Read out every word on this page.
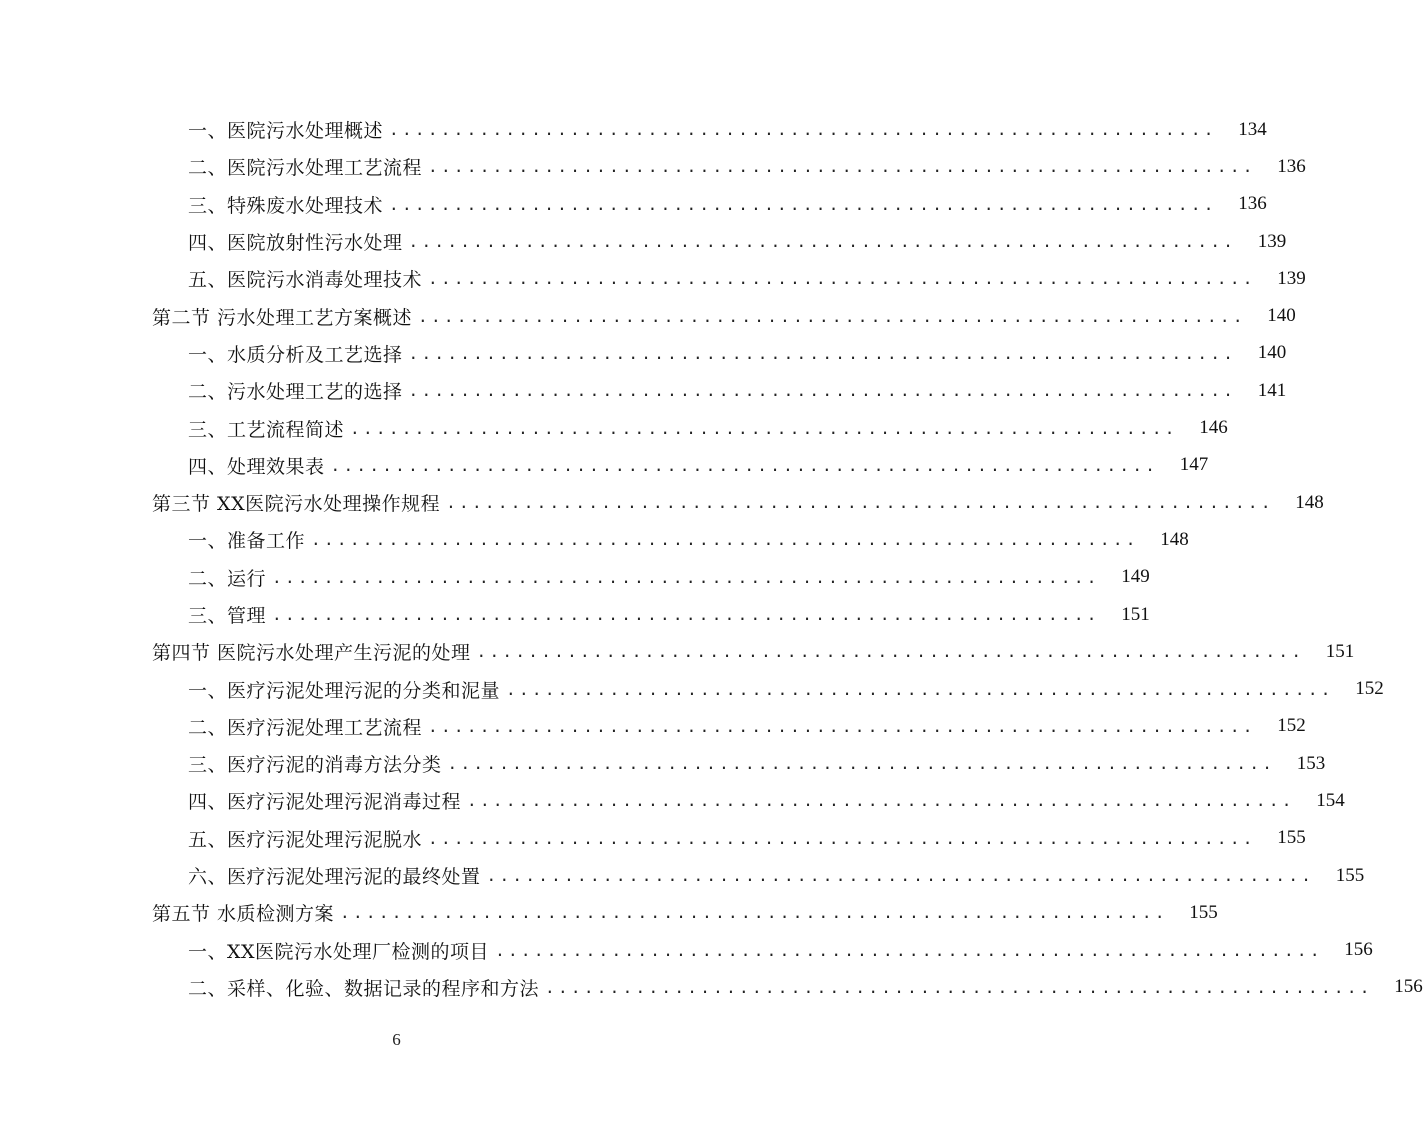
一、医院污水处理概述 ................................................................	134
二、医院污水处理工艺流程 ................................................................	136
三、特殊废水处理技术 ................................................................	136
四、医院放射性污水处理 ................................................................	139
五、医院污水消毒处理技术 ................................................................	139
第二节 污水处理工艺方案概述 ................................................................	140
一、水质分析及工艺选择 ................................................................	140
二、污水处理工艺的选择 ................................................................	141
三、工艺流程简述 ................................................................	146
四、处理效果表 ................................................................	147
第三节 XX医院污水处理操作规程 ................................................................	148
一、准备工作 ................................................................	148
二、运行 ................................................................	149
三、管理 ................................................................	151
第四节 医院污水处理产生污泥的处理 ................................................................	151
一、医疗污泥处理污泥的分类和泥量 ................................................................	152
二、医疗污泥处理工艺流程 ................................................................	152
三、医疗污泥的消毒方法分类 ................................................................	153
四、医疗污泥处理污泥消毒过程 ................................................................	154
五、医疗污泥处理污泥脱水 ................................................................	155
六、医疗污泥处理污泥的最终处置 ................................................................	155
第五节 水质检测方案 ................................................................	155
一、XX医院污水处理厂检测的项目 ................................................................	156
二、采样、化验、数据记录的程序和方法 ................................................................	156
6
